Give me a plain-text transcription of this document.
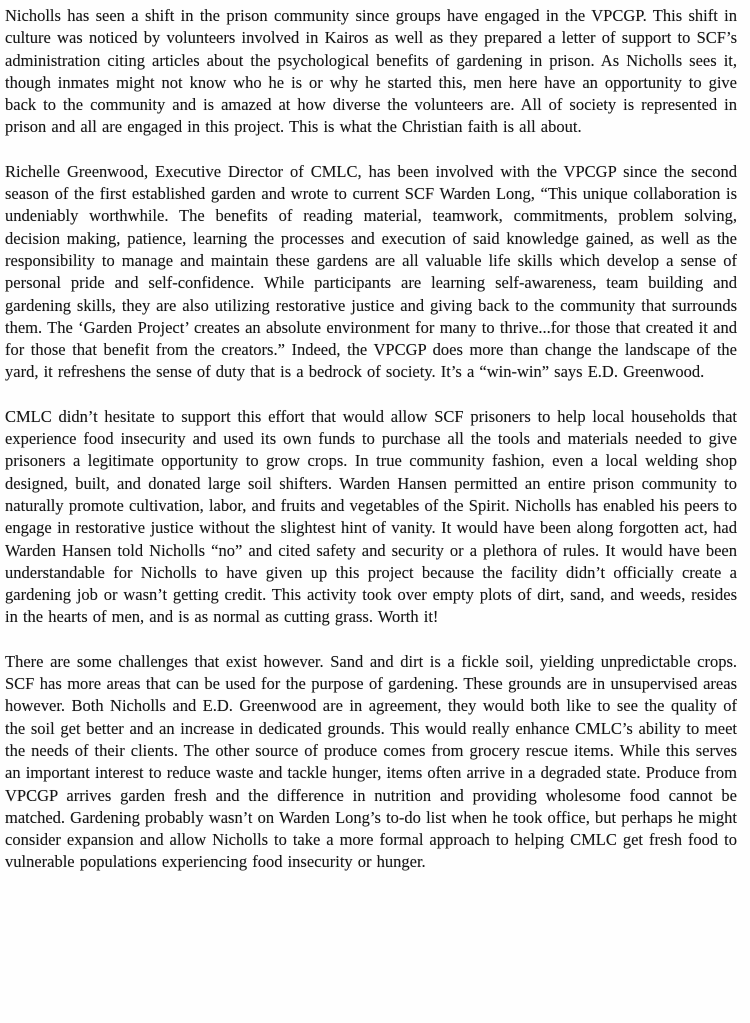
Nicholls has seen a shift in the prison community since groups have engaged in the VPCGP. This shift in culture was noticed by volunteers involved in Kairos as well as they prepared a letter of support to SCF’s administration citing articles about the psychological benefits of gardening in prison. As Nicholls sees it, though inmates might not know who he is or why he started this, men here have an opportunity to give back to the community and is amazed at how diverse the volunteers are. All of society is represented in prison and all are engaged in this project. This is what the Christian faith is all about.

Richelle Greenwood, Executive Director of CMLC, has been involved with the VPCGP since the second season of the first established garden and wrote to current SCF Warden Long, “This unique collaboration is undeniably worthwhile. The benefits of reading material, teamwork, commitments, problem solving, decision making, patience, learning the processes and execution of said knowledge gained, as well as the responsibility to manage and maintain these gardens are all valuable life skills which develop a sense of personal pride and self-confidence. While participants are learning self-awareness, team building and gardening skills, they are also utilizing restorative justice and giving back to the community that surrounds them. The ‘Garden Project’ creates an absolute environment for many to thrive...for those that created it and for those that benefit from the creators.” Indeed, the VPCGP does more than change the landscape of the yard, it refreshens the sense of duty that is a bedrock of society. It’s a “win-win” says E.D. Greenwood.

CMLC didn’t hesitate to support this effort that would allow SCF prisoners to help local households that experience food insecurity and used its own funds to purchase all the tools and materials needed to give prisoners a legitimate opportunity to grow crops. In true community fashion, even a local welding shop designed, built, and donated large soil shifters. Warden Hansen permitted an entire prison community to naturally promote cultivation, labor, and fruits and vegetables of the Spirit. Nicholls has enabled his peers to engage in restorative justice without the slightest hint of vanity. It would have been along forgotten act, had Warden Hansen told Nicholls “no” and cited safety and security or a plethora of rules. It would have been understandable for Nicholls to have given up this project because the facility didn’t officially create a gardening job or wasn’t getting credit. This activity took over empty plots of dirt, sand, and weeds, resides in the hearts of men, and is as normal as cutting grass. Worth it!

There are some challenges that exist however. Sand and dirt is a fickle soil, yielding unpredictable crops. SCF has more areas that can be used for the purpose of gardening. These grounds are in unsupervised areas however. Both Nicholls and E.D. Greenwood are in agreement, they would both like to see the quality of the soil get better and an increase in dedicated grounds. This would really enhance CMLC’s ability to meet the needs of their clients. The other source of produce comes from grocery rescue items. While this serves an important interest to reduce waste and tackle hunger, items often arrive in a degraded state. Produce from VPCGP arrives garden fresh and the difference in nutrition and providing wholesome food cannot be matched. Gardening probably wasn’t on Warden Long’s to-do list when he took office, but perhaps he might consider expansion and allow Nicholls to take a more formal approach to helping CMLC get fresh food to vulnerable populations experiencing food insecurity or hunger.
